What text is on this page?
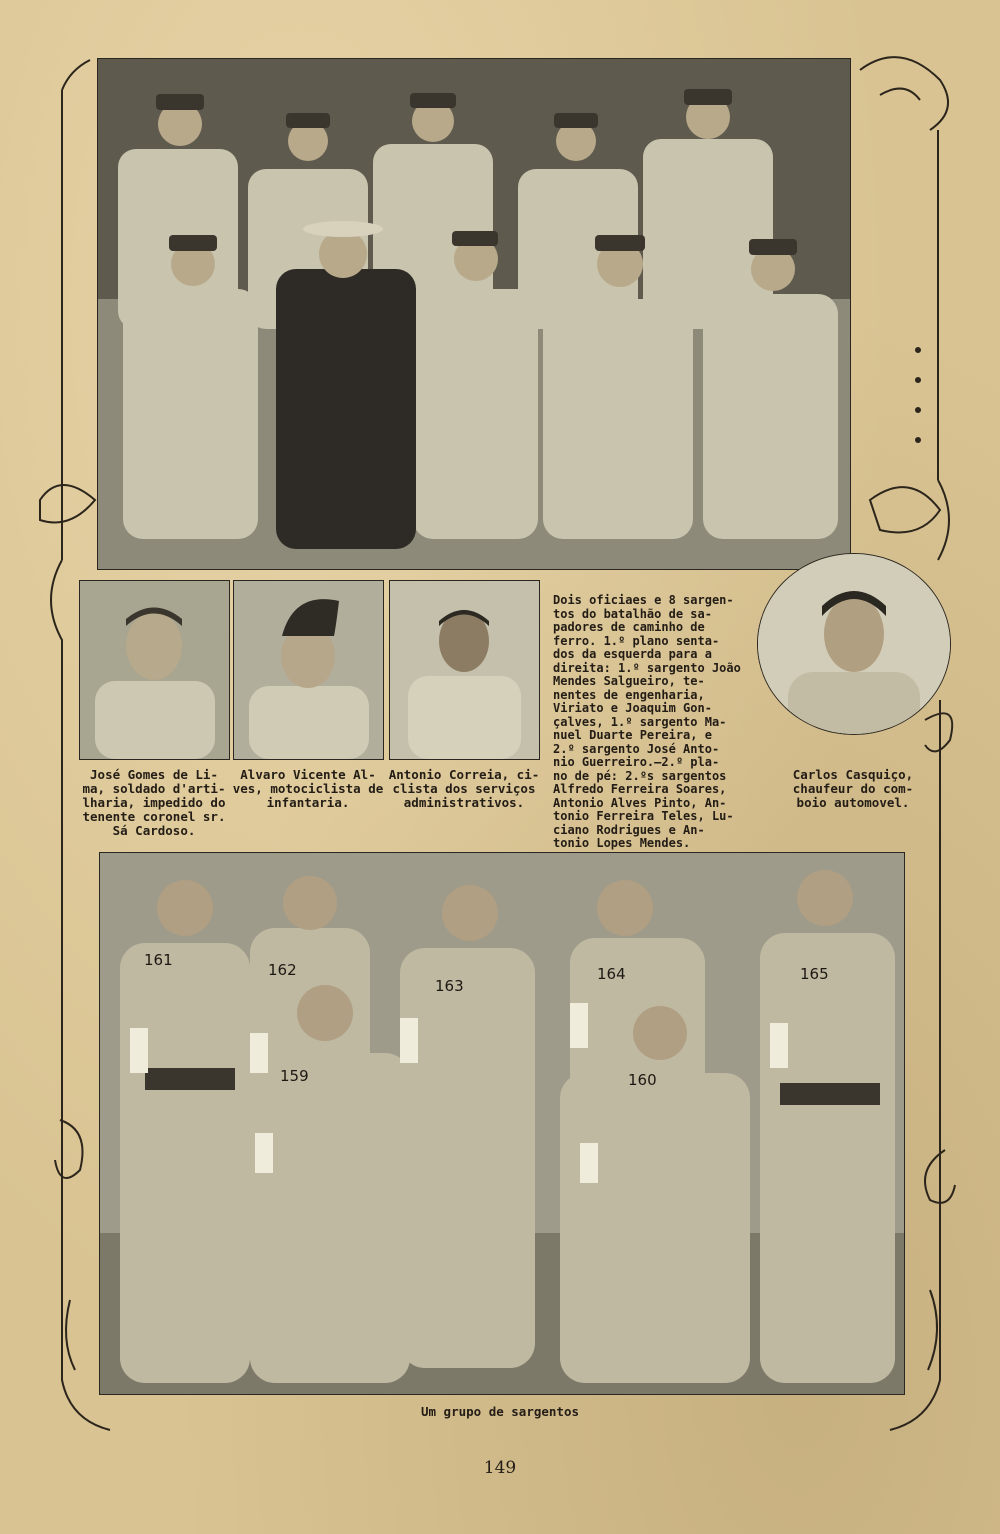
José Gomes de Li-
ma, soldado d'arti-
lharia, impedido do
tenente coronel sr.
Sá Cardoso.
Alvaro Vicente Al-
ves, motociclista de
infantaria.
Antonio Correia, ci-
clista dos serviços
administrativos.
Dois oficiaes e 8 sargen-
tos do batalhão de sa-
padores de caminho de
ferro. 1.º plano senta-
dos da esquerda para a
direita: 1.º sargento João
Mendes Salgueiro, te-
nentes de engenharia,
Viriato e Joaquim Gon-
çalves, 1.º sargento Ma-
nuel Duarte Pereira, e
2.º sargento José Anto-
nio Guerreiro.—2.º pla-
no de pé: 2.ºs sargentos
Alfredo Ferreira Soares,
Antonio Alves Pinto, An-
tonio Ferreira Teles, Lu-
ciano Rodrigues e An-
tonio Lopes Mendes.
Carlos Casquiço,
chaufeur do com-
boio automovel.
161
162
163
164	165
159	160
Um grupo de sargentos
149
